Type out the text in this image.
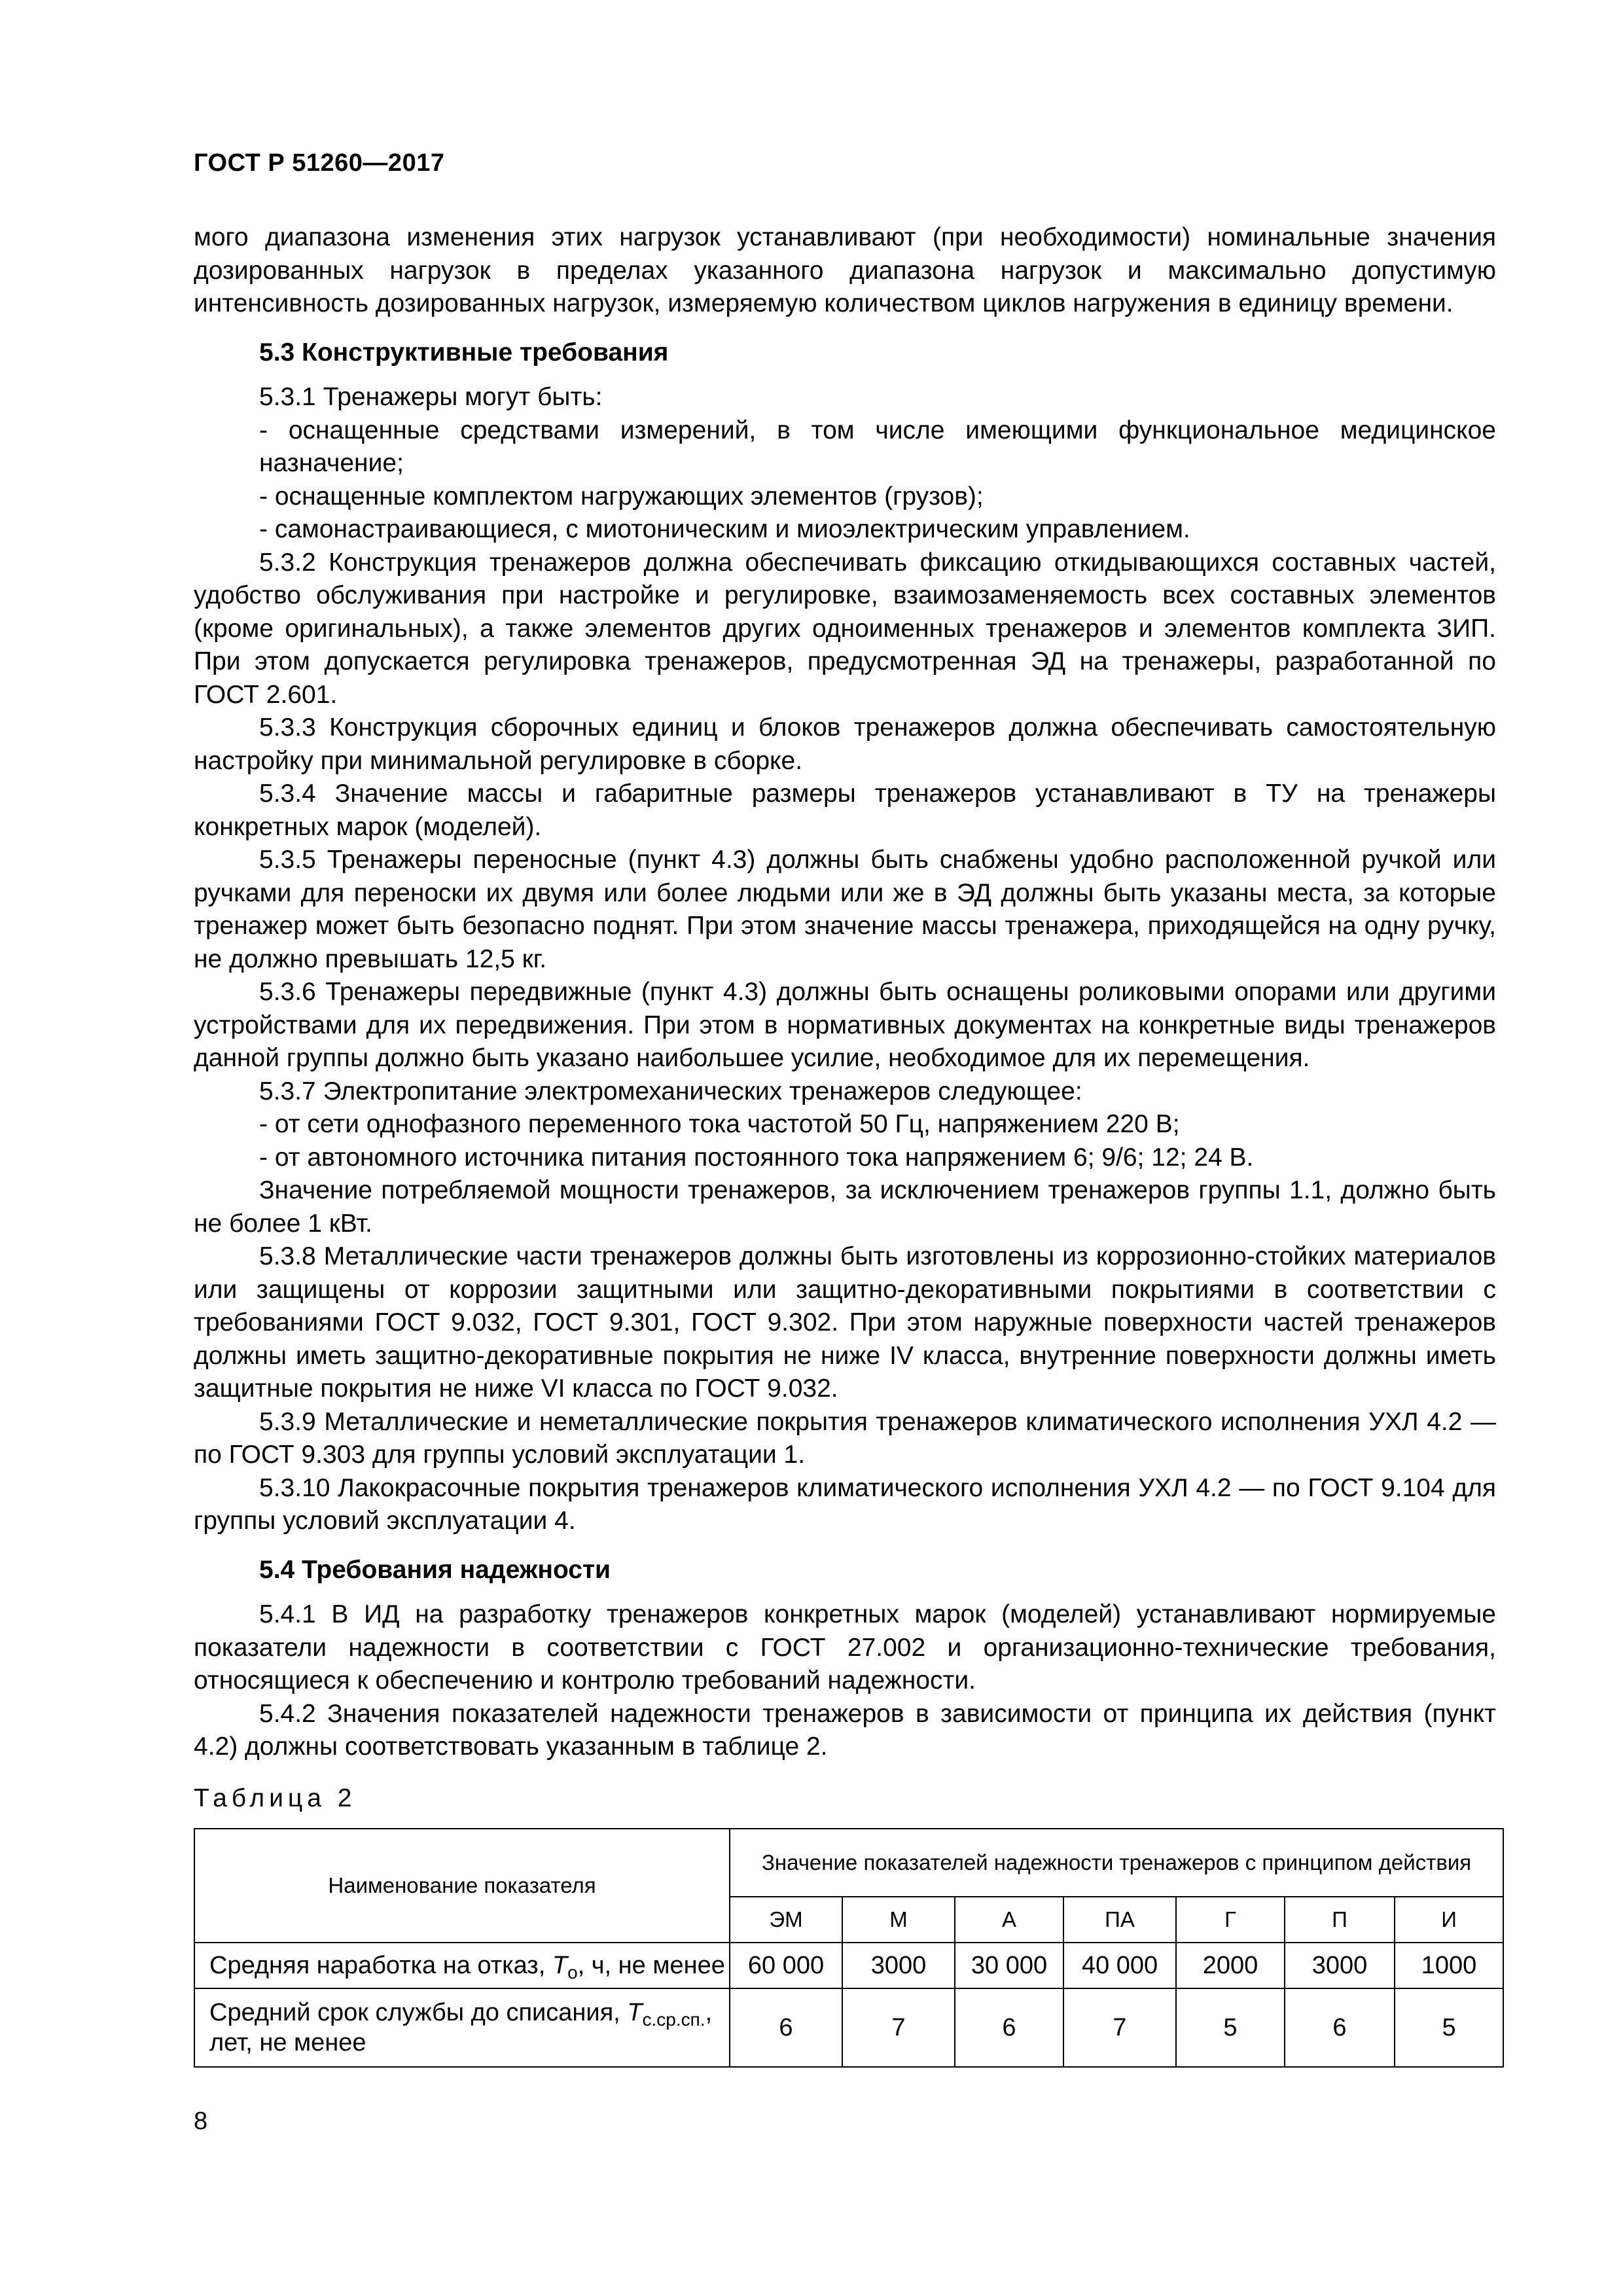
ГОСТ Р 51260—2017

мого диапазона изменения этих нагрузок устанавливают (при необходимости) номинальные значения дозированных нагрузок в пределах указанного диапазона нагрузок и максимально допустимую интенсивность дозированных нагрузок, измеряемую количеством циклов нагружения в единицу времени.

5.3 Конструктивные требования

5.3.1 Тренажеры могут быть:

- оснащенные средствами измерений, в том числе имеющими функциональное медицинское назначение;

- оснащенные комплектом нагружающих элементов (грузов);

- самонастраивающиеся, с миотоническим и миоэлектрическим управлением.

5.3.2 Конструкция тренажеров должна обеспечивать фиксацию откидывающихся составных частей, удобство обслуживания при настройке и регулировке, взаимозаменяемость всех составных элементов (кроме оригинальных), а также элементов других одноименных тренажеров и элементов комплекта ЗИП. При этом допускается регулировка тренажеров, предусмотренная ЭД на тренажеры, разработанной по ГОСТ 2.601.

5.3.3 Конструкция сборочных единиц и блоков тренажеров должна обеспечивать самостоятельную настройку при минимальной регулировке в сборке.

5.3.4 Значение массы и габаритные размеры тренажеров устанавливают в ТУ на тренажеры конкретных марок (моделей).

5.3.5 Тренажеры переносные (пункт 4.3) должны быть снабжены удобно расположенной ручкой или ручками для переноски их двумя или более людьми или же в ЭД должны быть указаны места, за которые тренажер может быть безопасно поднят. При этом значение массы тренажера, приходящейся на одну ручку, не должно превышать 12,5 кг.

5.3.6 Тренажеры передвижные (пункт 4.3) должны быть оснащены роликовыми опорами или другими устройствами для их передвижения. При этом в нормативных документах на конкретные виды тренажеров данной группы должно быть указано наибольшее усилие, необходимое для их перемещения.

5.3.7 Электропитание электромеханических тренажеров следующее:

- от сети однофазного переменного тока частотой 50 Гц, напряжением 220 В;

- от автономного источника питания постоянного тока напряжением 6; 9/6; 12; 24 В.

Значение потребляемой мощности тренажеров, за исключением тренажеров группы 1.1, должно быть не более 1 кВт.

5.3.8 Металлические части тренажеров должны быть изготовлены из коррозионно-стойких материалов или защищены от коррозии защитными или защитно-декоративными покрытиями в соответствии с требованиями ГОСТ 9.032, ГОСТ 9.301, ГОСТ 9.302. При этом наружные поверхности частей тренажеров должны иметь защитно-декоративные покрытия не ниже IV класса, внутренние поверхности должны иметь защитные покрытия не ниже VI класса по ГОСТ 9.032.

5.3.9 Металлические и неметаллические покрытия тренажеров климатического исполнения УХЛ 4.2 — по ГОСТ 9.303 для группы условий эксплуатации 1.

5.3.10 Лакокрасочные покрытия тренажеров климатического исполнения УХЛ 4.2 — по ГОСТ 9.104 для группы условий эксплуатации 4.

5.4 Требования надежности

5.4.1 В ИД на разработку тренажеров конкретных марок (моделей) устанавливают нормируемые показатели надежности в соответствии с ГОСТ 27.002 и организационно-технические требования, относящиеся к обеспечению и контролю требований надежности.

5.4.2 Значения показателей надежности тренажеров в зависимости от принципа их действия (пункт 4.2) должны соответствовать указанным в таблице 2.

Таблица 2

Наименование показателя	Значение показателей надежности тренажеров с принципом действия						
	ЭМ	М	А	ПА	Г	П	И
Средняя наработка на отказ, $T_о$, ч, не менее	60 000	3000	30 000	40 000	2000	3000	1000
Средний срок службы до списания, $T_{с.ср.сп.}$, лет, не менее	6	7	6	7	5	6	5
8
